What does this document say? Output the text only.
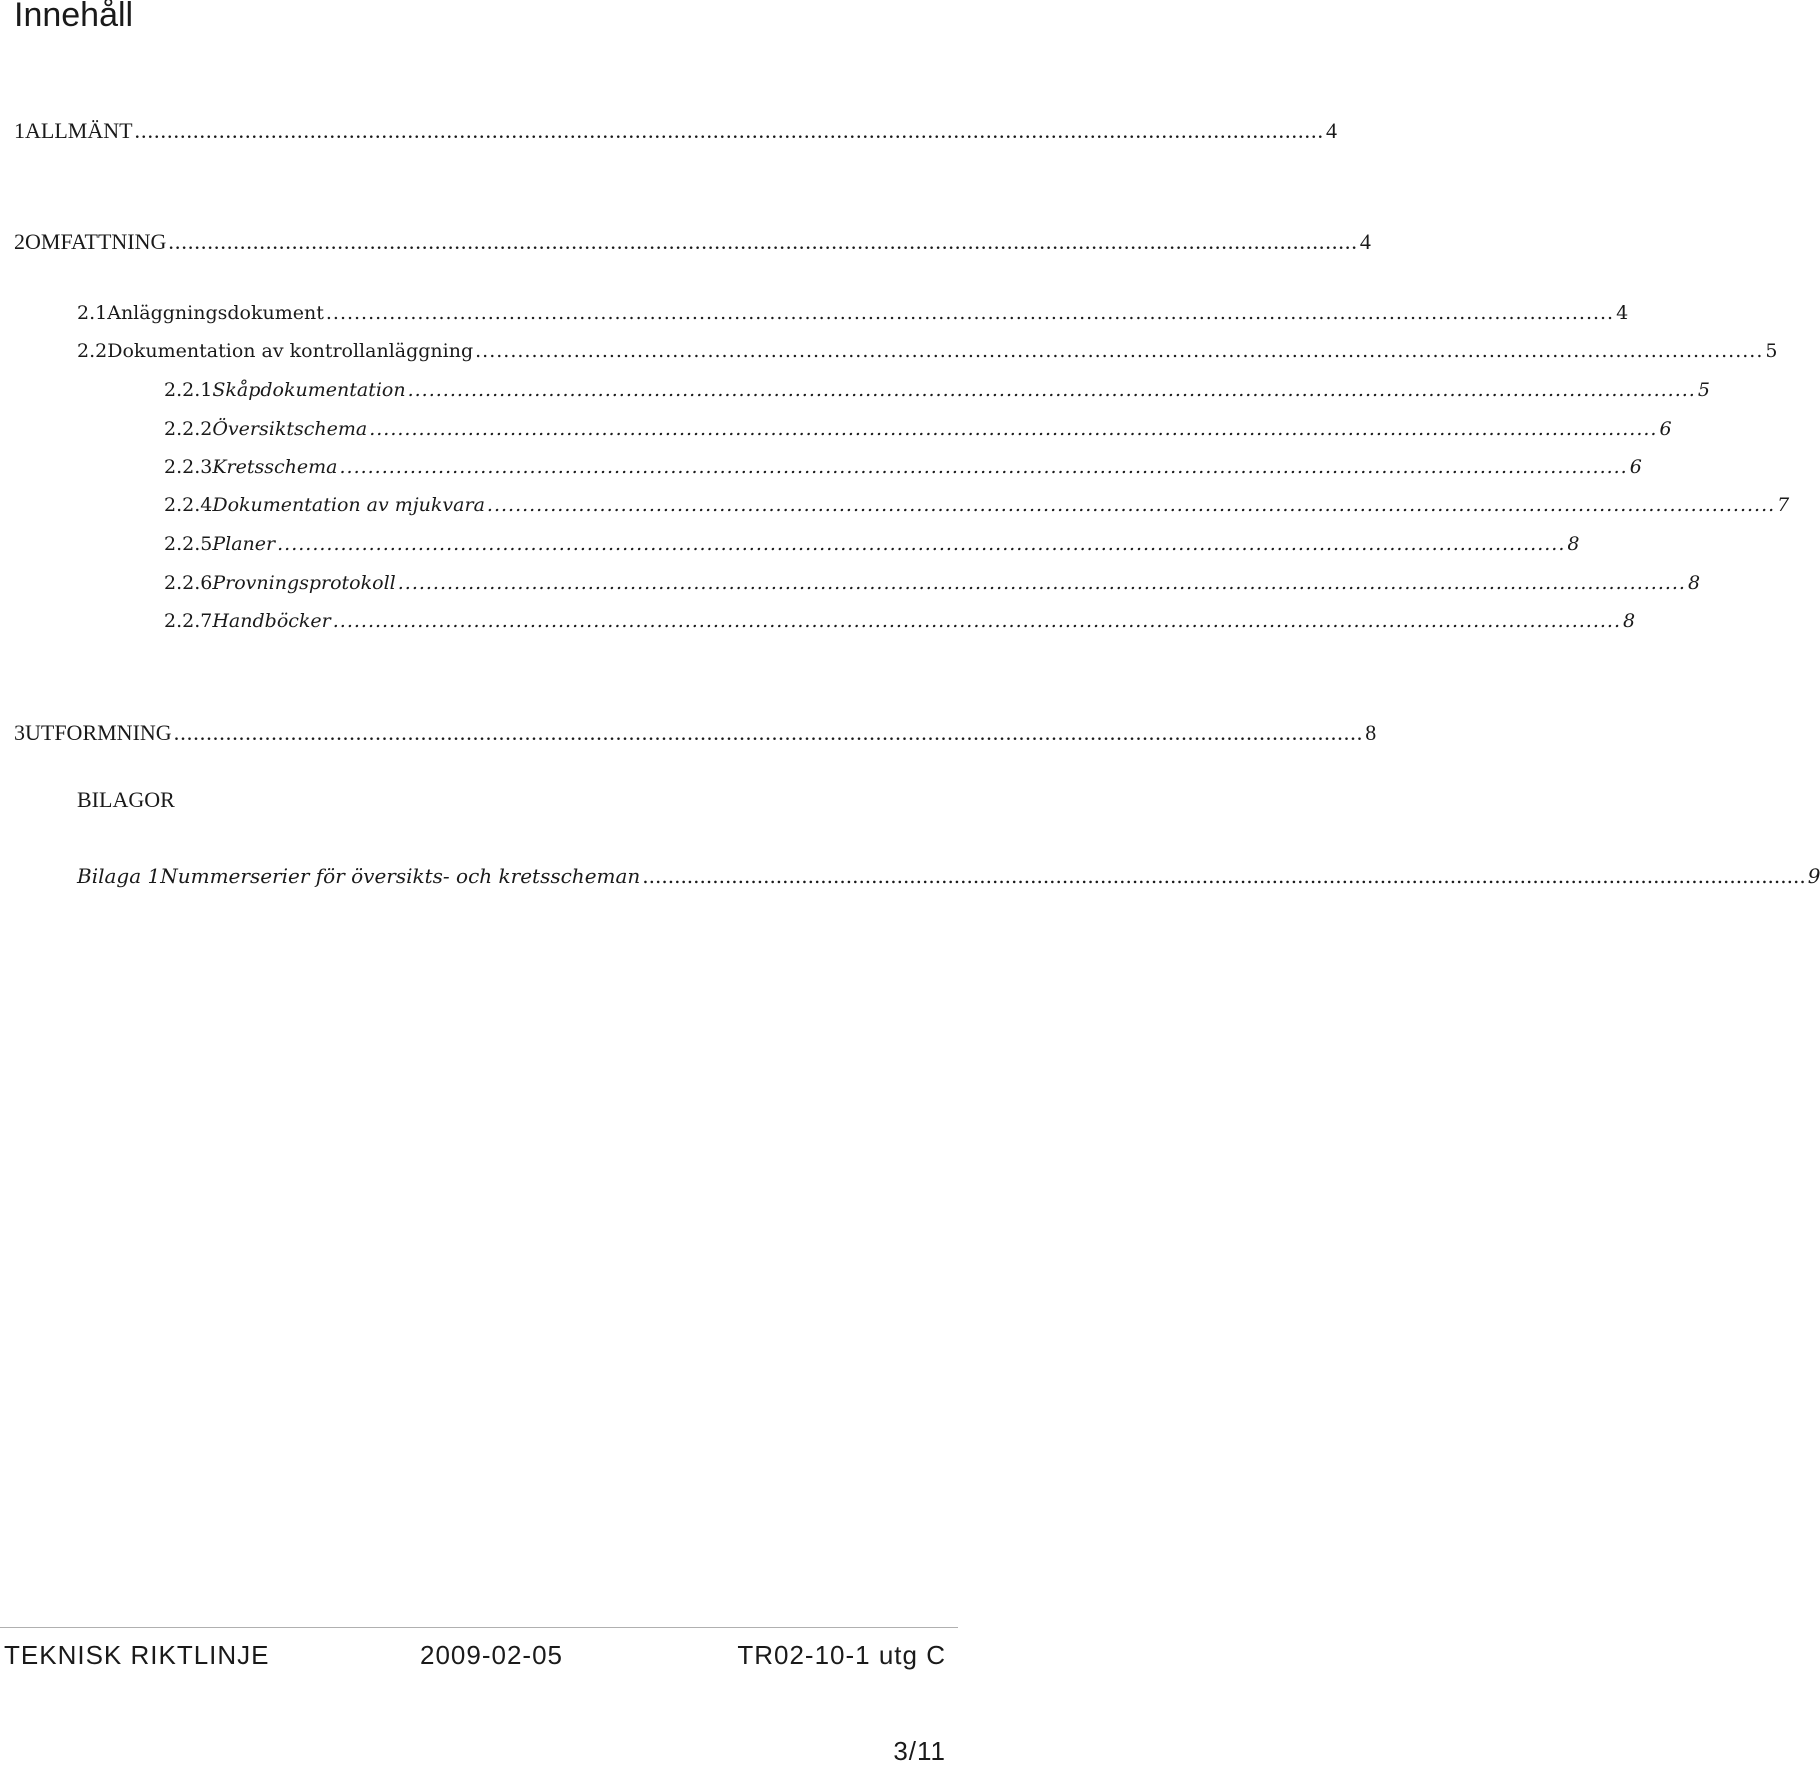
Innehåll
1 ALLMÄNT ....................................................................................................................................................................................... 4
2 OMFATTNING ....................................................................................................................................................................................... 4
2.1 Anläggningsdokument ....................................................................................................................................................................................... 4
2.2 Dokumentation av kontrollanläggning ....................................................................................................................................................................................... 5
2.2.1 Skåpdokumentation ....................................................................................................................................................................................... 5
2.2.2 Översiktschema ....................................................................................................................................................................................... 6
2.2.3 Kretsschema ....................................................................................................................................................................................... 6
2.2.4 Dokumentation av mjukvara ....................................................................................................................................................................................... 7
2.2.5 Planer ....................................................................................................................................................................................... 8
2.2.6 Provningsprotokoll ....................................................................................................................................................................................... 8
2.2.7 Handböcker ....................................................................................................................................................................................... 8
3 UTFORMNING ....................................................................................................................................................................................... 8
BILAGOR
Bilaga 1 Nummerserier för översikts- och kretsscheman ....................................................................................................................................................................................... 9
TEKNISK RIKTLINJE	2009-02-05	TR02-10-1 utg C
3/11
